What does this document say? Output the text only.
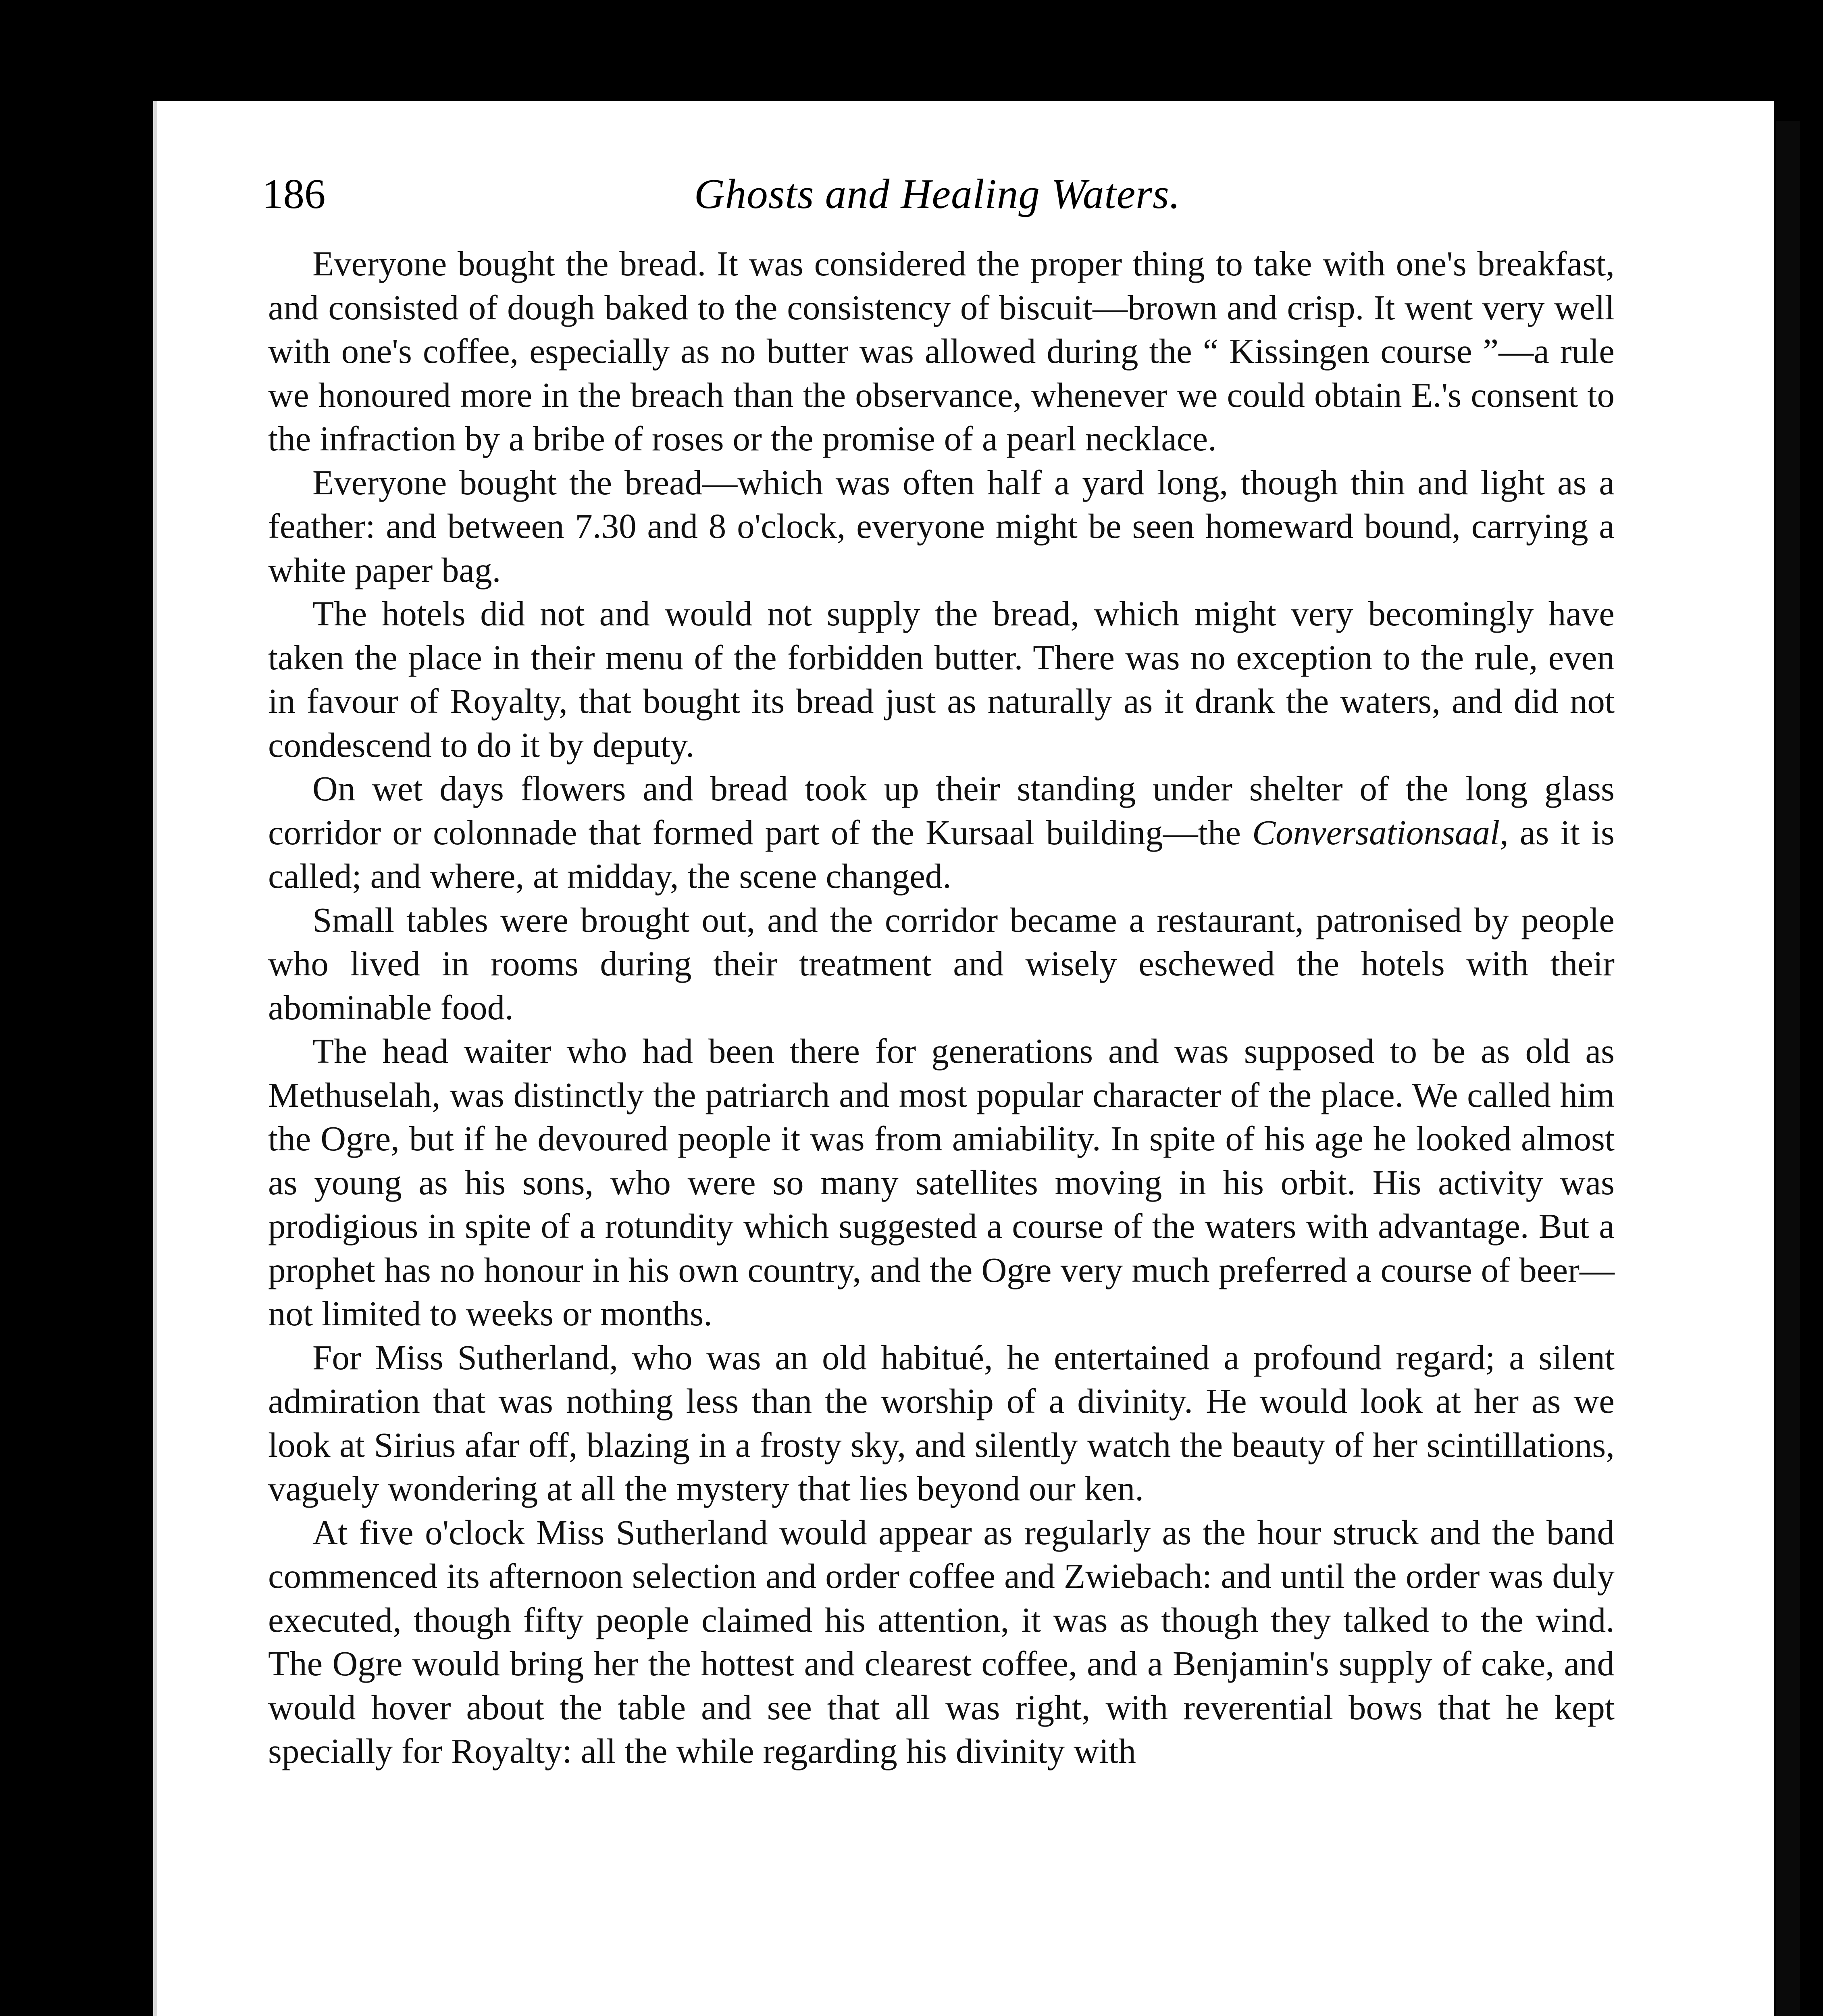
186	Ghosts and Healing Waters.

Everyone bought the bread. It was considered the proper thing to take with one's breakfast, and consisted of dough baked to the consistency of biscuit—brown and crisp. It went very well with one's coffee, especially as no butter was allowed during the “ Kissingen course ”—a rule we honoured more in the breach than the observance, whenever we could obtain E.'s consent to the infraction by a bribe of roses or the promise of a pearl necklace.

Everyone bought the bread—which was often half a yard long, though thin and light as a feather: and between 7.30 and 8 o'clock, everyone might be seen homeward bound, carrying a white paper bag.

The hotels did not and would not supply the bread, which might very becomingly have taken the place in their menu of the forbidden butter. There was no exception to the rule, even in favour of Royalty, that bought its bread just as naturally as it drank the waters, and did not condescend to do it by deputy.

On wet days flowers and bread took up their standing under shelter of the long glass corridor or colonnade that formed part of the Kursaal building—the Conversationsaal, as it is called; and where, at midday, the scene changed.

Small tables were brought out, and the corridor became a restaurant, patronised by people who lived in rooms during their treatment and wisely eschewed the hotels with their abominable food.

The head waiter who had been there for generations and was supposed to be as old as Methuselah, was distinctly the patriarch and most popular character of the place. We called him the Ogre, but if he devoured people it was from amiability. In spite of his age he looked almost as young as his sons, who were so many satellites moving in his orbit. His activity was prodigious in spite of a rotundity which suggested a course of the waters with advantage. But a prophet has no honour in his own country, and the Ogre very much preferred a course of beer—not limited to weeks or months.

For Miss Sutherland, who was an old habitué, he entertained a profound regard; a silent admiration that was nothing less than the worship of a divinity. He would look at her as we look at Sirius afar off, blazing in a frosty sky, and silently watch the beauty of her scintillations, vaguely wondering at all the mystery that lies beyond our ken.

At five o'clock Miss Sutherland would appear as regularly as the hour struck and the band commenced its afternoon selection and order coffee and Zwiebach: and until the order was duly executed, though fifty people claimed his attention, it was as though they talked to the wind. The Ogre would bring her the hottest and clearest coffee, and a Benjamin's supply of cake, and would hover about the table and see that all was right, with reverential bows that he kept specially for Royalty: all the while regarding his divinity with
